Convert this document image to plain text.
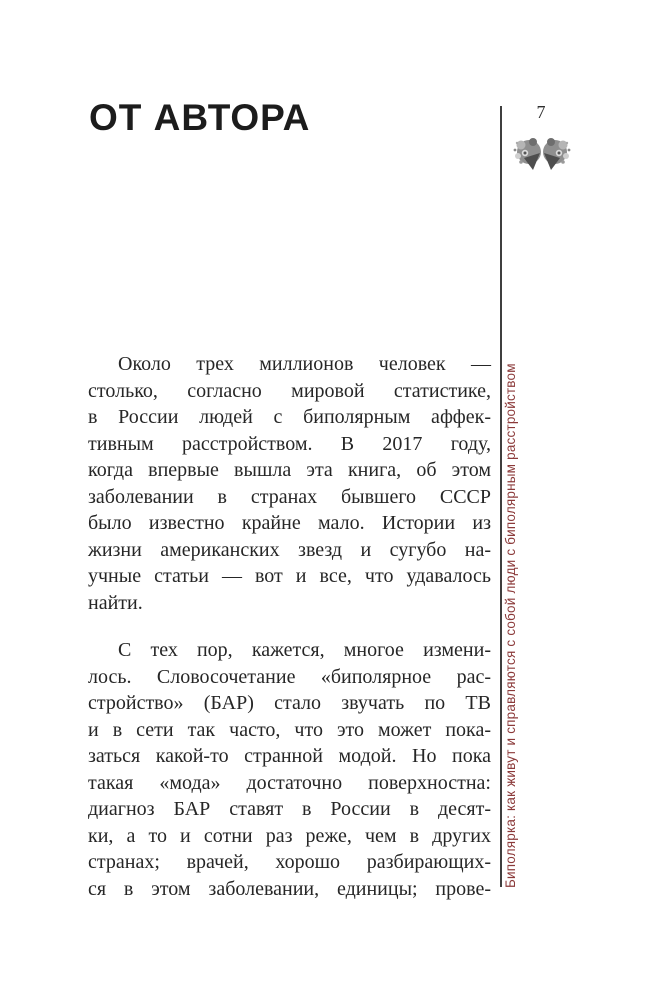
ОТ АВТОРА	7
Биполярка: как живут и справляются с собой люди с биполярным расстройством
Около трех миллионов человек —
столько, согласно мировой статистике,
в России людей с биполярным аффек-
тивным расстройством. В 2017 году,
когда впервые вышла эта книга, об этом
заболевании в странах бывшего СССР
было известно крайне мало. Истории из
жизни американских звезд и сугубо на-
учные статьи — вот и все, что удавалось
найти.
С тех пор, кажется, многое измени-
лось. Словосочетание «биполярное рас-
стройство» (БАР) стало звучать по ТВ
и в сети так часто, что это может пока-
заться какой-то странной модой. Но пока
такая «мода» достаточно поверхностна:
диагноз БАР ставят в России в десят-
ки, а то и сотни раз реже, чем в других
странах; врачей, хорошо разбирающих-
ся в этом заболевании, единицы; прове-
